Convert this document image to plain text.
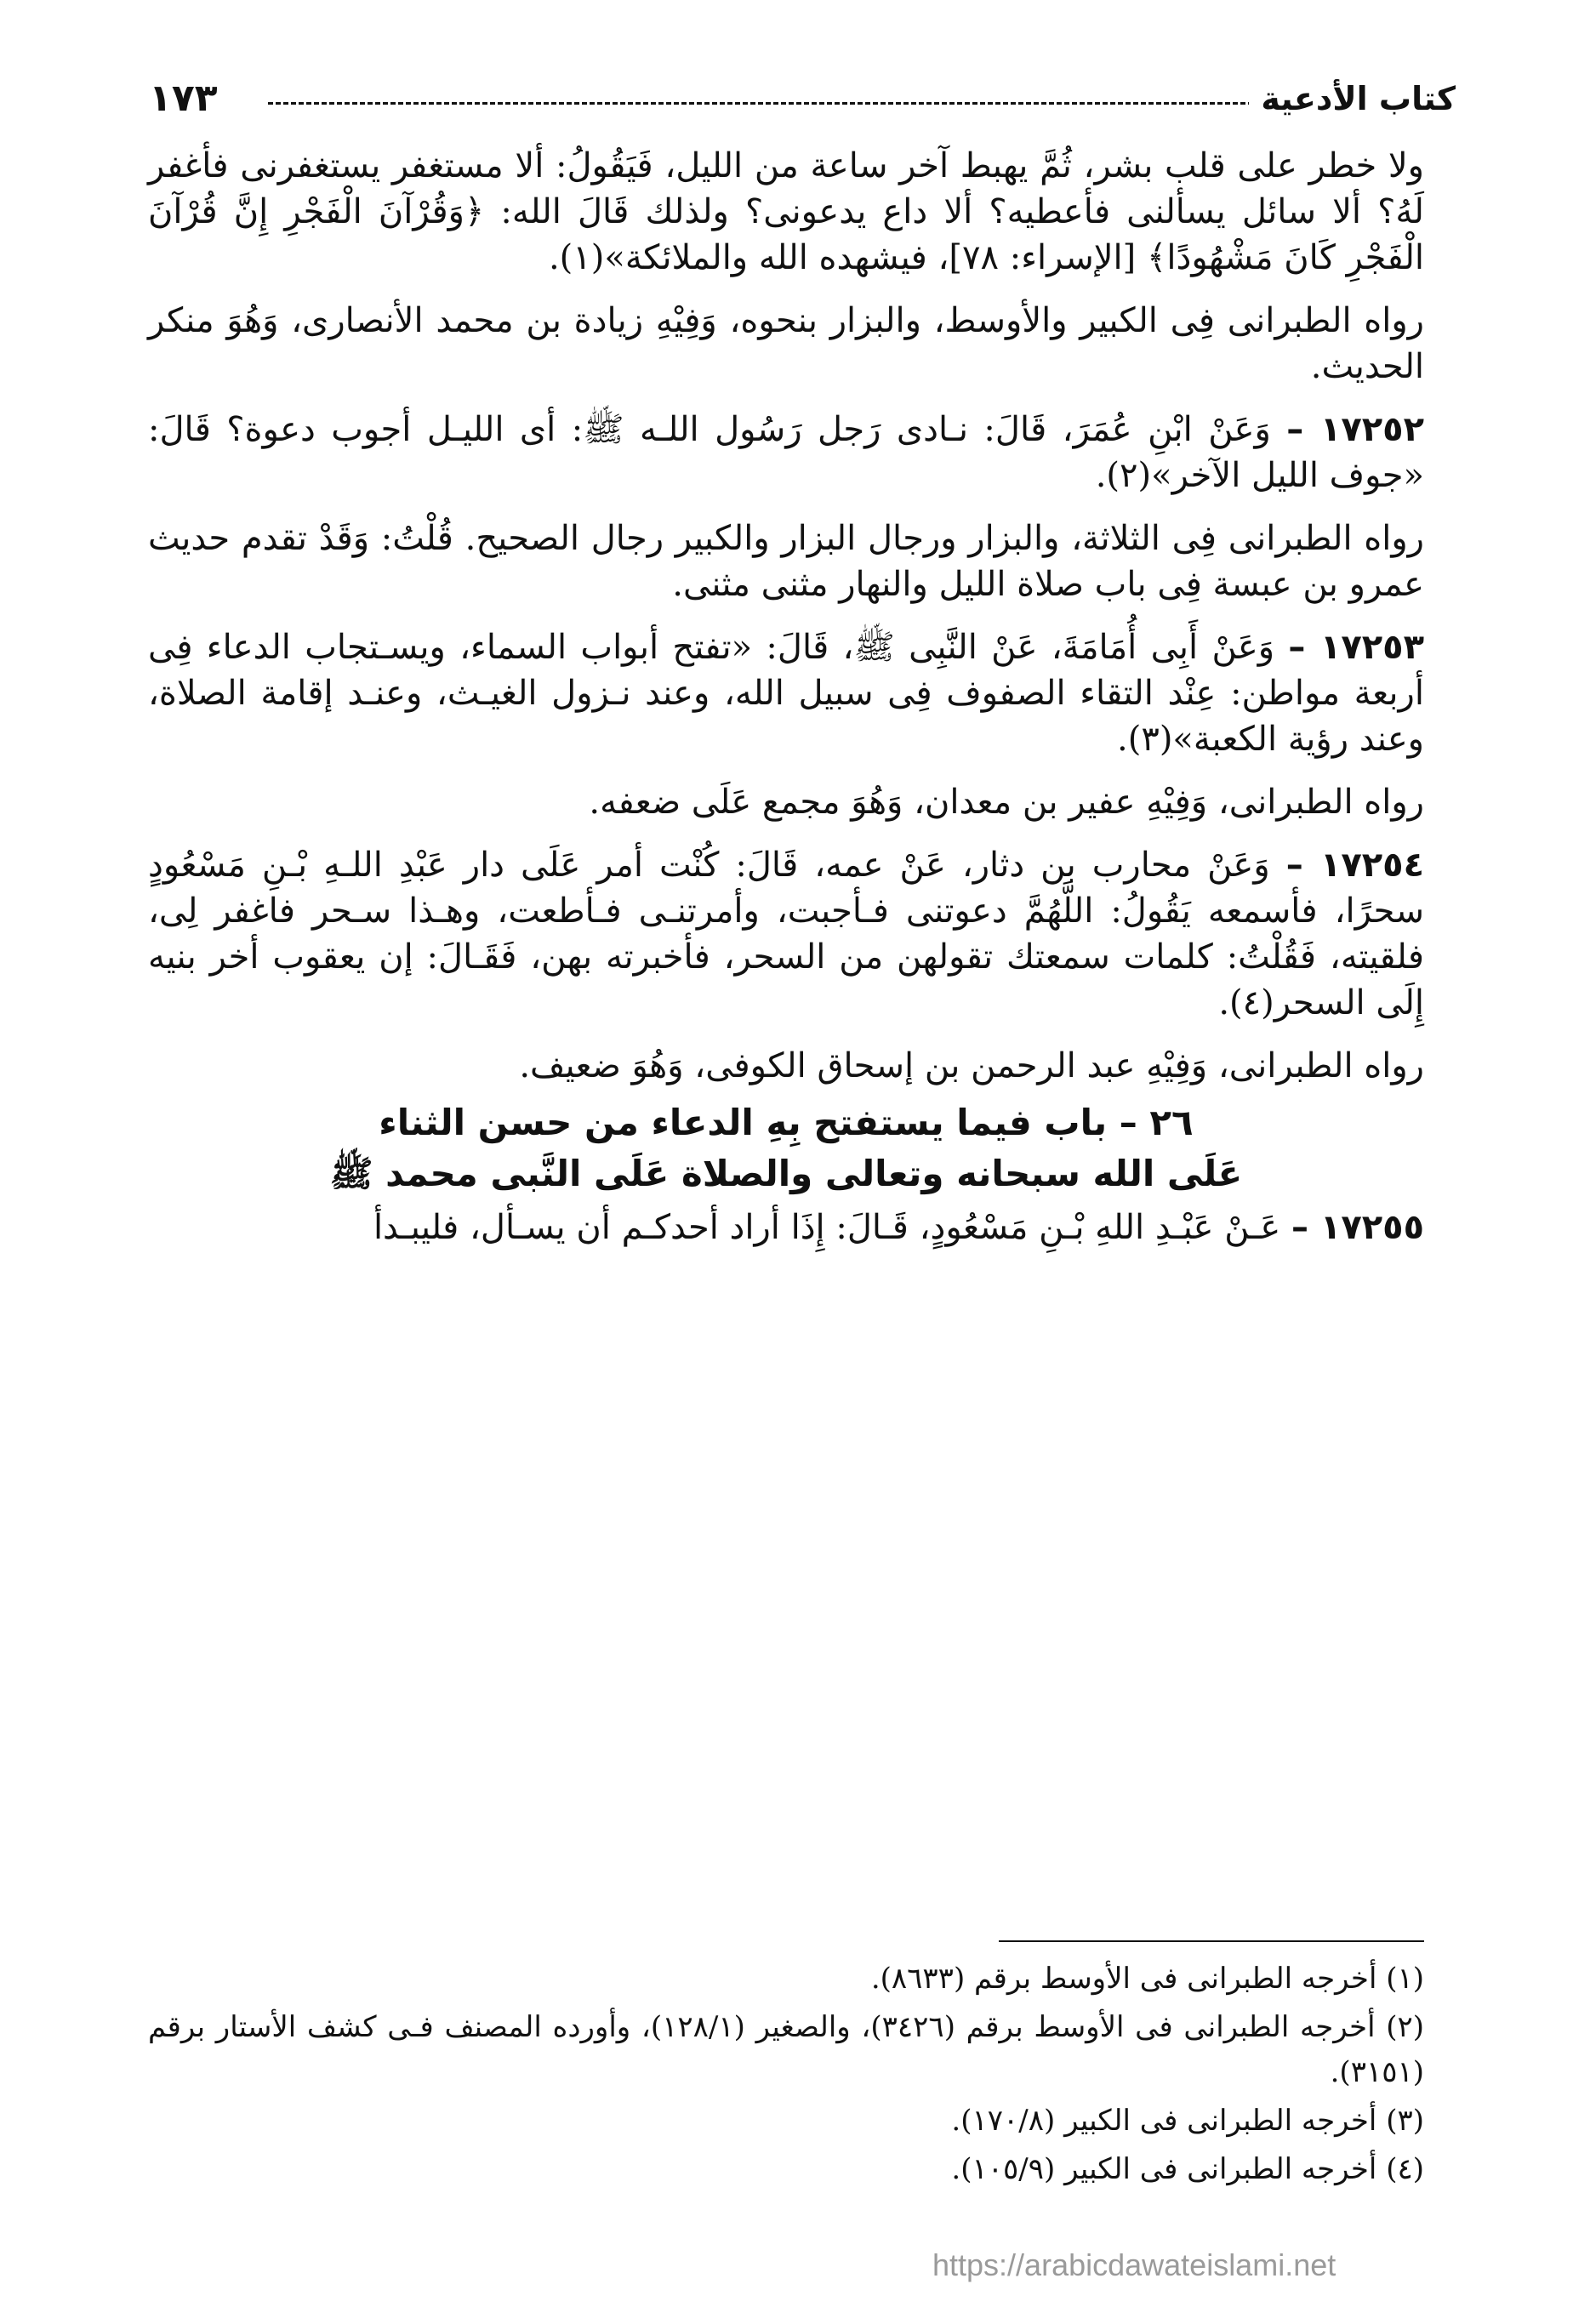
كتاب الأدعية
١٧٣

ولا خطر على قلب بشر، ثُمَّ يهبط آخر ساعة من الليل، فَيَقُولُ: ألا مستغفر يستغفرنى فأغفر لَهُ؟ ألا سائل يسألنى فأعطيه؟ ألا داع يدعونى؟ ولذلك قَالَ الله: ﴿وَقُرْآنَ الْفَجْرِ إِنَّ قُرْآنَ الْفَجْرِ كَانَ مَشْهُودًا﴾ [الإسراء: ٧٨]، فيشهده الله والملائكة»(١).

رواه الطبرانى فِى الكبير والأوسط، والبزار بنحوه، وَفِيْهِ زيادة بن محمد الأنصارى، وَهُوَ منكر الحديث.

١٧٢٥٢ – وَعَنْ ابْنِ عُمَرَ، قَالَ: نـادى رَجل رَسُول اللـه ﷺ: أى الليـل أجوب دعوة؟ قَالَ: «جوف الليل الآخر»(٢).

رواه الطبرانى فِى الثلاثة، والبزار ورجال البزار والكبير رجال الصحيح. قُلْتُ: وَقَدْ تقدم حديث عمرو بن عبسة فِى باب صلاة الليل والنهار مثنى مثنى.

١٧٢٥٣ – وَعَنْ أَبِى أُمَامَةَ، عَنْ النَّبِى ﷺ، قَالَ: «تفتح أبواب السماء، ويسـتجاب الدعاء فِى أربعة مواطن: عِنْد التقاء الصفوف فِى سبيل الله، وعند نـزول الغيـث، وعنـد إقامة الصلاة، وعند رؤية الكعبة»(٣).

رواه الطبرانى، وَفِيْهِ عفير بن معدان، وَهُوَ مجمع عَلَى ضعفه.

١٧٢٥٤ – وَعَنْ محارب بن دثار، عَنْ عمه، قَالَ: كُنْت أمر عَلَى دار عَبْدِ اللـهِ بْـنِ مَسْعُودٍ سحرًا، فأسمعه يَقُولُ: اللَّهُمَّ دعوتنى فـأجبت، وأمرتنـى فـأطعت، وهـذا سـحر فاغفر لِى، فلقيته، فَقُلْتُ: كلمات سمعتك تقولهن من السحر، فأخبرته بهن، فَقَـالَ: إن يعقوب أخر بنيه إِلَى السحر(٤).

رواه الطبرانى، وَفِيْهِ عبد الرحمن بن إسحاق الكوفى، وَهُوَ ضعيف.

٢٦ – باب فيما يستفتح بِهِ الدعاء من حسن الثناء
عَلَى الله سبحانه وتعالى والصلاة عَلَى النَّبى محمد ﷺ

١٧٢٥٥ – عَـنْ عَبْـدِ اللهِ بْـنِ مَسْعُودٍ، قَـالَ: إِذَا أراد أحدكـم أن يسـأل، فليبـدأ

(١) أخرجه الطبرانى فى الأوسط برقم (٨٦٣٣).

(٢) أخرجه الطبرانى فى الأوسط برقم (٣٤٢٦)، والصغير (١٢٨/١)، وأورده المصنف فـى كشف الأستار برقم (٣١٥١).

(٣) أخرجه الطبرانى فى الكبير (١٧٠/٨).

(٤) أخرجه الطبرانى فى الكبير (١٠٥/٩).

https://arabicdawateislami.net
